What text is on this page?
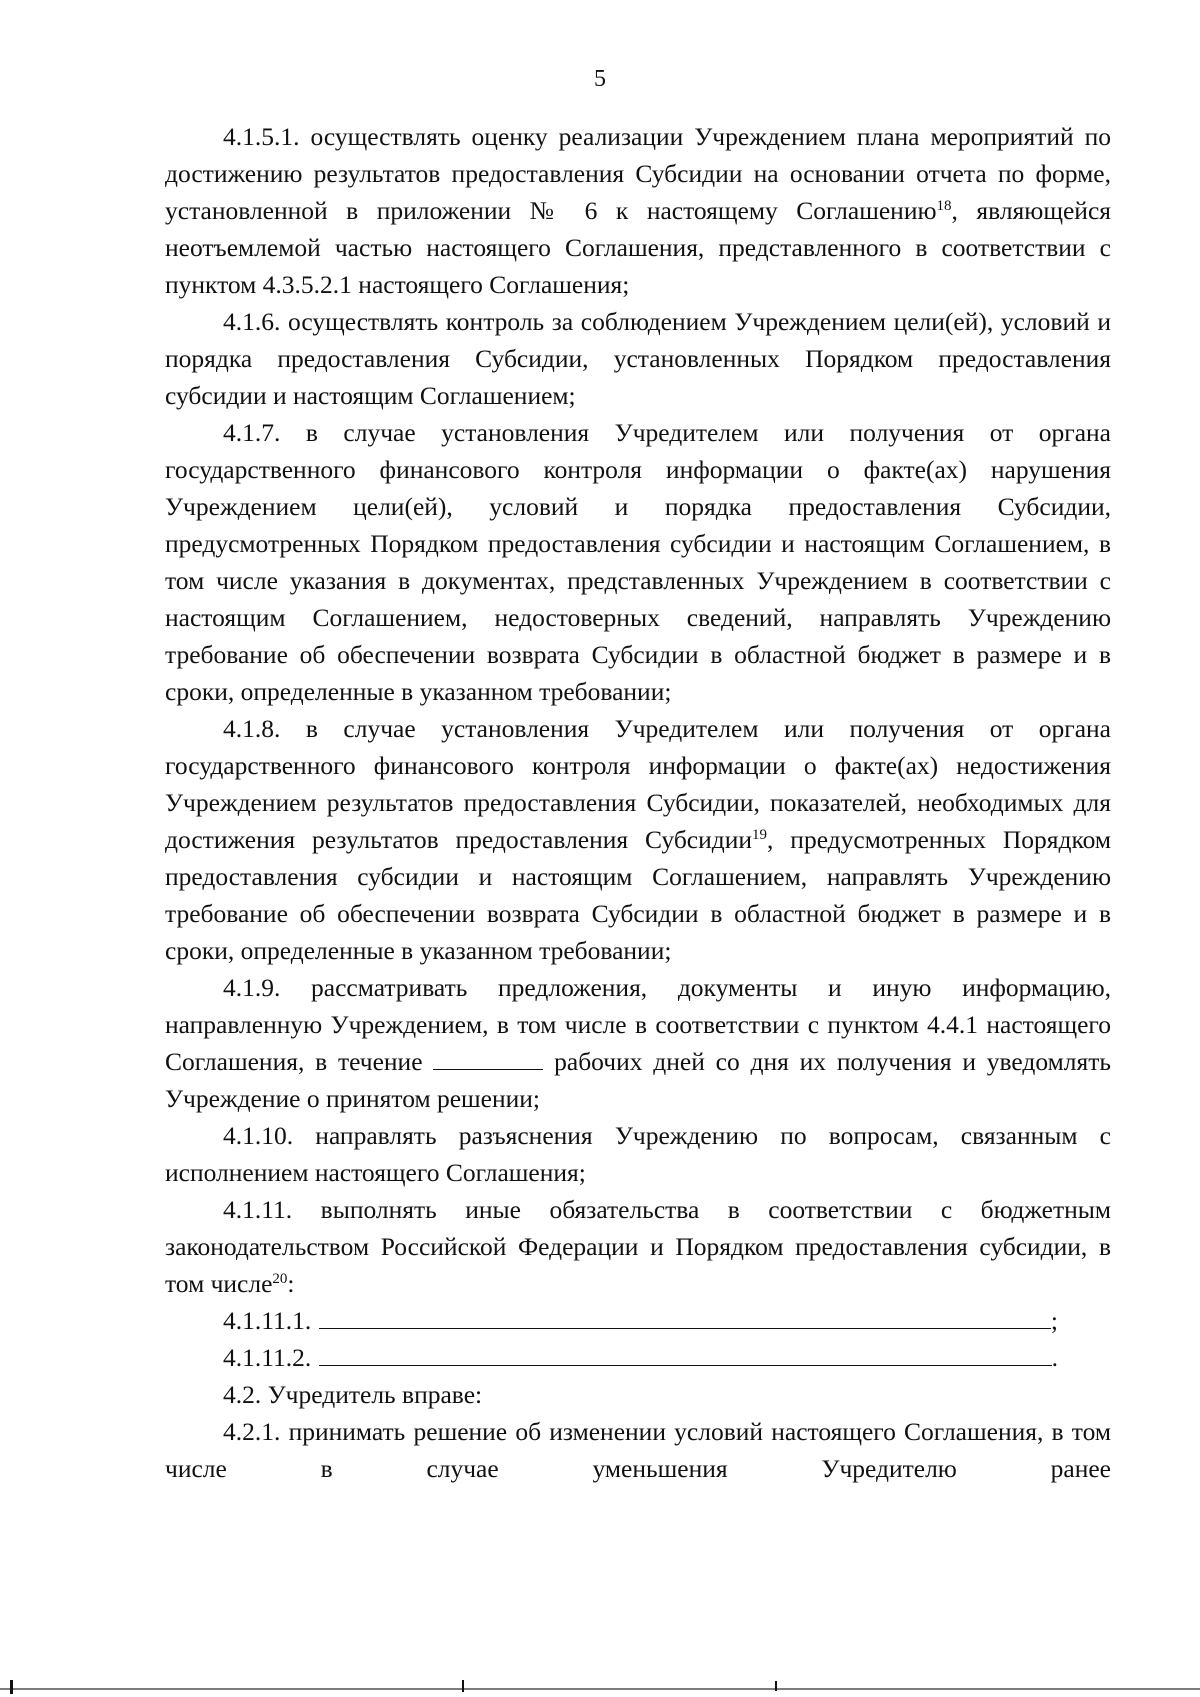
5

4.1.5.1. осуществлять оценку реализации Учреждением плана мероприятий по достижению результатов предоставления Субсидии на основании отчета по форме, установленной в приложении № 6 к настоящему Соглашению$^{18}$, являющейся неотъемлемой частью настоящего Соглашения, представленного в соответствии с пунктом 4.3.5.2.1 настоящего Соглашения;

4.1.6. осуществлять контроль за соблюдением Учреждением цели(ей), условий и порядка предоставления Субсидии, установленных Порядком предоставления субсидии и настоящим Соглашением;

4.1.7. в случае установления Учредителем или получения от органа государственного финансового контроля информации о факте(ах) нарушения Учреждением цели(ей), условий и порядка предоставления Субсидии, предусмотренных Порядком предоставления субсидии и настоящим Соглашением, в том числе указания в документах, представленных Учреждением в соответствии с настоящим Соглашением, недостоверных сведений, направлять Учреждению требование об обеспечении возврата Субсидии в областной бюджет в размере и в сроки, определенные в указанном требовании;

4.1.8. в случае установления Учредителем или получения от органа государственного финансового контроля информации о факте(ах) недостижения Учреждением результатов предоставления Субсидии, показателей, необходимых для достижения результатов предоставления Субсидии$^{19}$, предусмотренных Порядком предоставления субсидии и настоящим Соглашением, направлять Учреждению требование об обеспечении возврата Субсидии в областной бюджет в размере и в сроки, определенные в указанном требовании;

4.1.9. рассматривать предложения, документы и иную информацию, направленную Учреждением, в том числе в соответствии с пунктом 4.4.1 настоящего Соглашения, в течение	рабочих дней со дня их получения и уведомлять Учреждение о принятом решении;

4.1.10. направлять разъяснения Учреждению по вопросам, связанным с исполнением настоящего Соглашения;

4.1.11. выполнять иные обязательства в соответствии с бюджетным законодательством Российской Федерации и Порядком предоставления субсидии, в том числе$^{20}$:

4.1.11.1.	;
4.1.11.2.	.

4.2. Учредитель вправе:

4.2.1. принимать решение об изменении условий настоящего Соглашения, в том числе в случае уменьшения Учредителю ранее
